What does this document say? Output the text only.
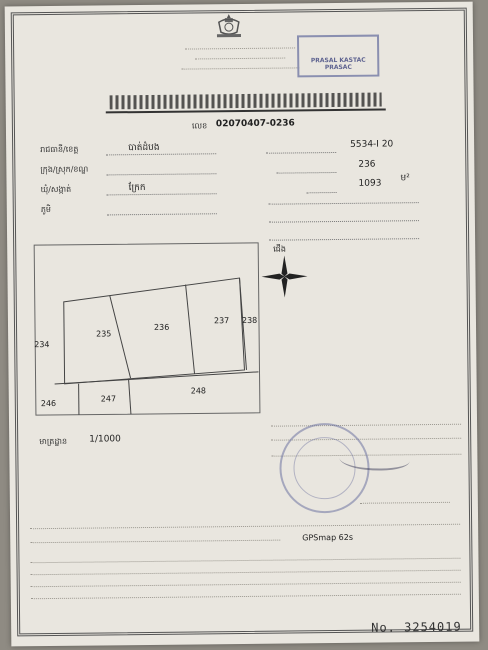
PRASAL KASTAC PRASAC
លេខ 02070407-0236
រាជធានី/ខេត្ត	បាត់ដំបង
ក្រុង/ស្រុក/ខណ្ឌ
ឃុំ/សង្កាត់	ក្រែក
ភូមិ
5534-I 20
236
1093
ម²
234
235
236
237 238
246
247
248
ជើង
មាត្រដ្ឋាន 1/1000
GPSmap 62s
No. 3254019
